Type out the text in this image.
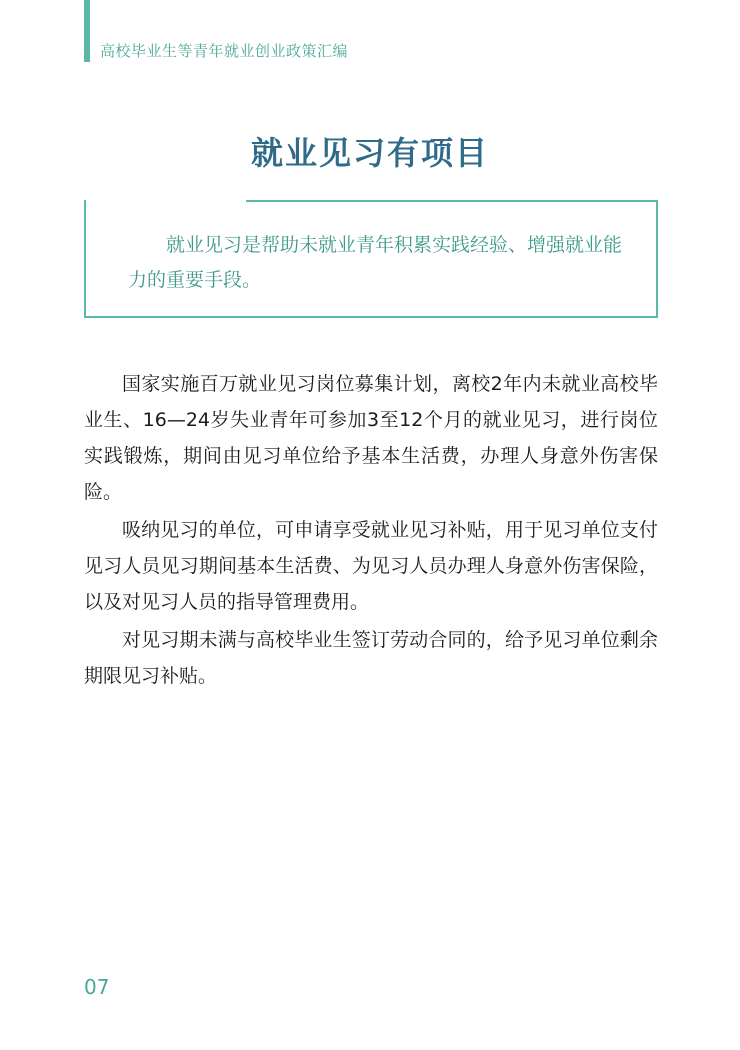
高校毕业生等青年就业创业政策汇编
就业见习有项目
就业见习是帮助未就业青年积累实践经验、增强就业能力的重要手段。

国家实施百万就业见习岗位募集计划，离校2年内未就业高校毕业生、16—24岁失业青年可参加3至12个月的就业见习，进行岗位实践锻炼，期间由见习单位给予基本生活费，办理人身意外伤害保险。

吸纳见习的单位，可申请享受就业见习补贴，用于见习单位支付见习人员见习期间基本生活费、为见习人员办理人身意外伤害保险，以及对见习人员的指导管理费用。

对见习期未满与高校毕业生签订劳动合同的，给予见习单位剩余期限见习补贴。

07
